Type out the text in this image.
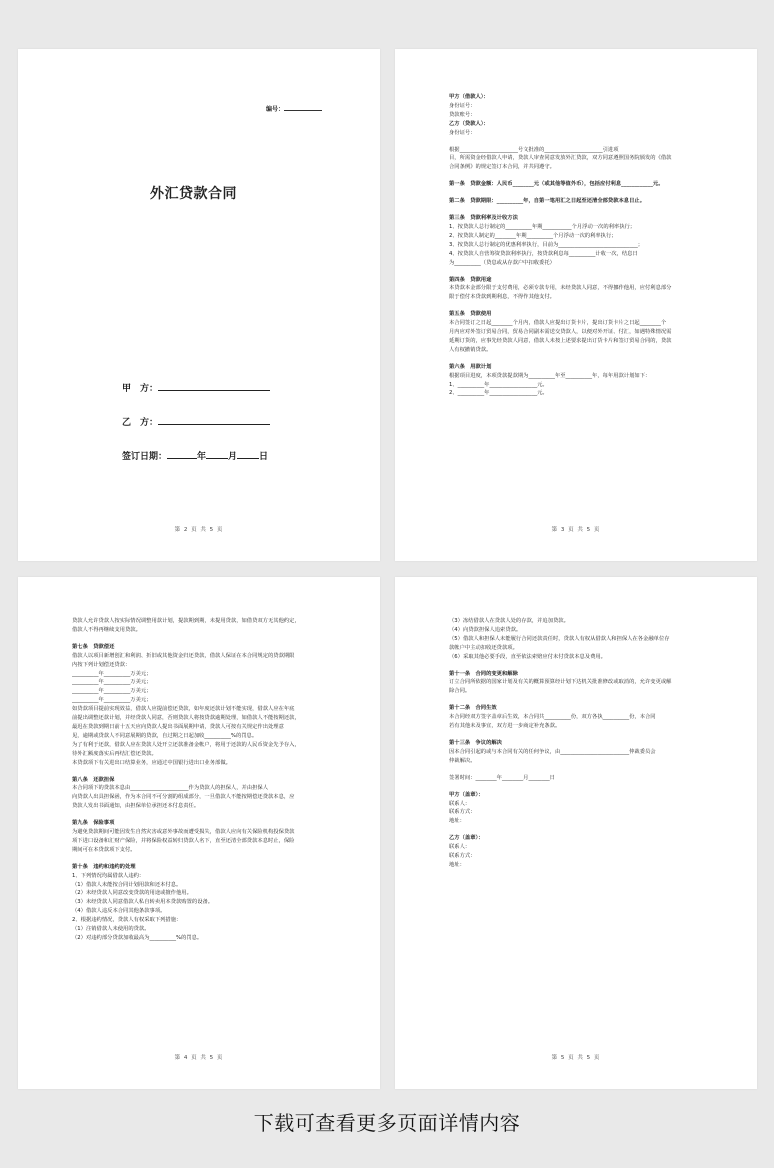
编号：
外汇贷款合同
甲　方：
乙　方：
签订日期：	年 月 日
第 2 页 共 5 页
甲方（借款人）：
身份证号：
贷款账号：
乙方（贷款人）：
身份证号：
根据______________________号文批准的______________________引进项
目，所需资金经借款人申请，贷款人审查同意发放外汇贷款，双方同意遵照国务院颁发的《借款
合同条例》的规定签订本合同，并共同遵守。
第一条　贷款金额：人民币________元（或其他等值外币），包括应付利息____________元。
第二条　贷款期限：__________年，自第一笔用汇之日起至还清全部贷款本息日止。
第三条　贷款利率及计收方法
1、按贷款人总行制定的__________年期___________个月浮动一次的利率执行；
2、按贷款人制定的________年期__________个月浮动一次的利率执行；
3、按贷款人总行制定的优惠利率执行，目前为______________________________；
4、按贷款人自营筹资贷款利率执行，按贷款利息每__________计收一次，结息日
为__________（贷息或从存款户中扣收委托）
第四条　贷款用途
本贷款本金部分限于支付费用，必须专款专用，未经贷款人同意，不得挪作他用，应付利息部分
限于偿付本贷款到期利息，不得作其他支付。
第五条　贷款使用
本合同签订之日起________个月内，借款人应提出订货卡片，提出订货卡片之日起________个
月内应对外签订贸易合同，贸易合同副本需送交贷款人，以便对外开证、付汇，如遇特殊情况需
延期订货的，应事先经贷款人同意，借款人未按上述要求提出订货卡片和签订贸易合同的，贷款
人有权撤销贷款。
第六条　用款计划
根据项目进度，本项贷款提款期为__________年至__________年，每年用款计划如下：
1、__________年__________________元。
2、__________年__________________元。
第 3 页 共 5 页
贷款人允许贷款人按实际情况调整用款计划，提款期到期，未提用贷款，如借贷双方无其他约定，
借款人不得再继续支用贷款。
第七条　贷款偿还
借款人以项目新增创汇和利润、折旧或其他资金归还贷款，借款人保证在本合同规定的贷款期限
内按下列计划偿还贷款：
__________年__________万美元；
__________年__________万美元；
__________年__________万美元；
__________年__________万美元；
如贷款项目提前实现效益，借款人应提前偿还贷款，如年度还款计划不能实现，借款人应在年底
前提出调整还款计划，并经贷款人同意，否则贷款人将按贷款逾期处理，如借款人不能按期还款，
最迟在贷款到期日前十五天应向贷款人提出书面展期申请，贷款人可按有关规定作出处理意
见，逾期或贷款人不同意展期的贷款，自过期之日起加收__________%的罚息。
为了有利于还款，借款人应在贷款人处开立还款准备金帐户，将用于还款的人民币资金先予存入，
待外汇额度落实后再结汇偿还贷款。
本贷款项下有关进出口结算业务，应通过中国银行进出口业务部做。
第八条　还款担保
本合同项下的贷款本息由______________________作为贷款人的担保人，并由担保人
向贷款人出具担保函，作为本合同不可分割的组成部分，一旦借款人不能按期偿还贷款本息，应
贷款人发出书面通知，由担保单位承担还本付息责任。
第九条　保险事项
为避免贷款期间可能因发生自然灾害或意外事故而遭受损失，借款人应向有关保险机构投保贷款
项下进口设备和汇财产保险，并将保险权益转归贷款人名下，直至还清全部贷款本息时止，保险
期间可在本贷款项下支付。
第十条　违约和违约的处理
1、下列情况均属借款人违约：
（1）借款人未能按合同计划用款和还本付息。
（2）未经贷款人同意改变贷款的用途或擅作他用。
（3）未经贷款人同意借款人私自转卖用本贷款购置的设备。
（4）借款人违反本合同其他条款事项。
2、根据违约情况，贷款人有权采取下列措施：
（1）注销借款人未使用的贷款。
（2）对违约部分贷款加收最高为__________%的罚息。
第 4 页 共 5 页
（3）冻结借款人在贷款人处的存款，并追加贷款。
（4）向贷款担保人追索贷款。
（5）借款人和担保人未能履行合同还款责任时，贷款人有权从借款人和担保人在各金融单位存
款帐户中主动扣收还贷款项。
（6）采取其他必要手段，直至依法索赔应付未付贷款本息及费用。
第十一条　合同的变更和解除
订立合同所依据的国家计划及有关的概算预算经计划下达机关批准修改或取消的，允许变更或解
除合同。
第十二条　合同生效
本合同经双方签字盖章后生效，本合同共__________份，双方各执__________份，本合同
若有其他未及事宜，双方进一步商定补充条款。
第十三条　争议的解决
因本合同引起的或与本合同有关的任何争议，由__________________________仲裁委员会
仲裁解决。
签署时间：________年________月________日
甲方（盖章）：
联系人：
联系方式：
地址：
乙方（盖章）：
联系人：
联系方式：
地址：
第 5 页 共 5 页
下载可查看更多页面详情内容
